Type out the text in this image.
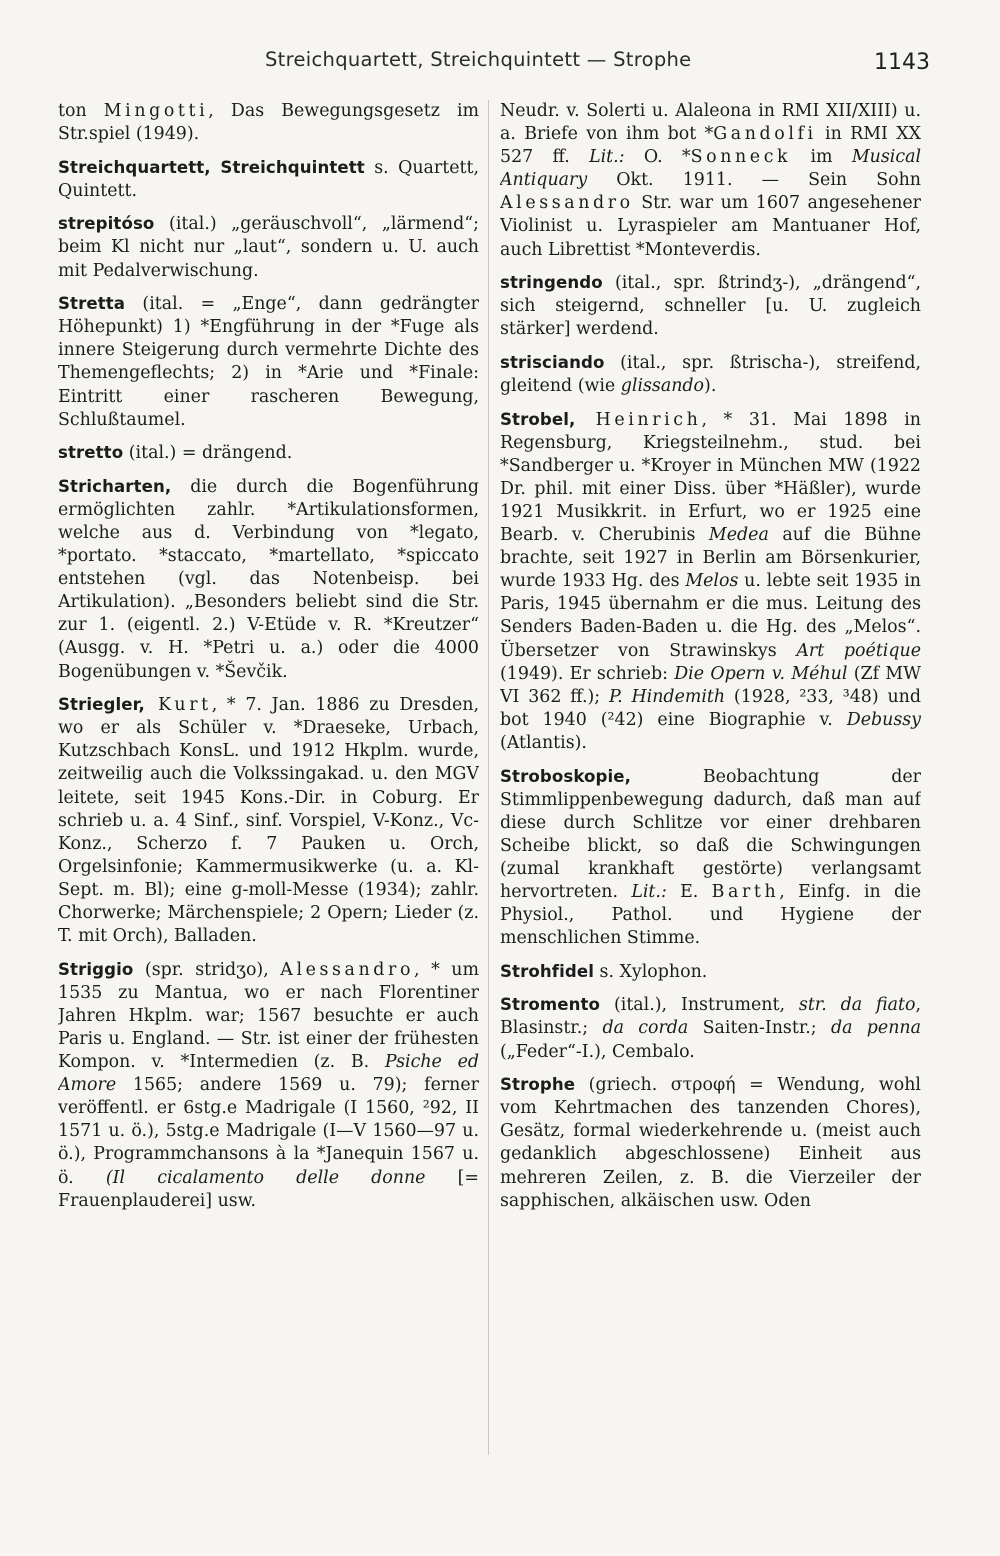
Streichquartett, Streichquintett — Strophe	1143

ton Mingotti, Das Bewegungsgesetz im Str.spiel (1949).

Streichquartett, Streichquintett s. Quartett, Quintett.

strepitóso (ital.) „geräuschvoll“, „lärmend“; beim Kl nicht nur „laut“, sondern u. U. auch mit Pedalverwischung.

Stretta (ital. = „Enge“, dann gedrängter Höhepunkt) 1) *Engführung in der *Fuge als innere Steigerung durch vermehrte Dichte des Themengeflechts; 2) in *Arie und *Finale: Eintritt einer rascheren Bewegung, Schlußtaumel.

stretto (ital.) = drängend.

Stricharten, die durch die Bogenführung ermöglichten zahlr. *Artikulationsformen, welche aus d. Verbindung von *legato, *portato. *staccato, *martellato, *spiccato entstehen (vgl. das Notenbeisp. bei Artikulation). „Besonders beliebt sind die Str. zur 1. (eigentl. 2.) V-Etüde v. R. *Kreutzer“ (Ausgg. v. H. *Petri u. a.) oder die 4000 Bogenübungen v. *Ševčik.

Striegler, Kurt, * 7. Jan. 1886 zu Dresden, wo er als Schüler v. *Draeseke, Urbach, Kutzschbach KonsL. und 1912 Hkplm. wurde, zeitweilig auch die Volkssingakad. u. den MGV leitete, seit 1945 Kons.-Dir. in Coburg. Er schrieb u. a. 4 Sinf., sinf. Vorspiel, V-Konz., Vc-Konz., Scherzo f. 7 Pauken u. Orch, Orgelsinfonie; Kammermusikwerke (u. a. Kl-Sept. m. Bl); eine g-moll-Messe (1934); zahlr. Chorwerke; Märchenspiele; 2 Opern; Lieder (z. T. mit Orch), Balladen.

Striggio (spr. stridʒo), Alessandro, * um 1535 zu Mantua, wo er nach Florentiner Jahren Hkplm. war; 1567 besuchte er auch Paris u. England. — Str. ist einer der frühesten Kompon. v. *Intermedien (z. B. Psiche ed Amore 1565; andere 1569 u. 79); ferner veröffentl. er 6stg.e Madrigale (I 1560, ²92, II 1571 u. ö.), 5stg.e Madrigale (I—V 1560—97 u. ö.), Programmchansons à la *Janequin 1567 u. ö. (Il cicalamento delle donne [= Frauenplauderei] usw.

Neudr. v. Solerti u. Alaleona in RMI XII/XIII) u. a. Briefe von ihm bot *Gandolfi in RMI XX 527 ff. Lit.: O. *Sonneck im Musical Antiquary Okt. 1911. — Sein Sohn Alessandro Str. war um 1607 angesehener Violinist u. Lyraspieler am Mantuaner Hof, auch Librettist *Monteverdis.

stringendo (ital., spr. ßtrindʒ-), „drängend“, sich steigernd, schneller [u. U. zugleich stärker] werdend.

strisciando (ital., spr. ßtrischa-), streifend, gleitend (wie glissando).

Strobel, Heinrich, * 31. Mai 1898 in Regensburg, Kriegsteilnehm., stud. bei *Sandberger u. *Kroyer in München MW (1922 Dr. phil. mit einer Diss. über *Häßler), wurde 1921 Musikkrit. in Erfurt, wo er 1925 eine Bearb. v. Cherubinis Medea auf die Bühne brachte, seit 1927 in Berlin am Börsenkurier, wurde 1933 Hg. des Melos u. lebte seit 1935 in Paris, 1945 übernahm er die mus. Leitung des Senders Baden-Baden u. die Hg. des „Melos“. Übersetzer von Strawinskys Art poétique (1949). Er schrieb: Die Opern v. Méhul (Zf MW VI 362 ff.); P. Hindemith (1928, ²33, ³48) und bot 1940 (²42) eine Biographie v. Debussy (Atlantis).

Stroboskopie, Beobachtung der Stimmlippenbewegung dadurch, daß man auf diese durch Schlitze vor einer drehbaren Scheibe blickt, so daß die Schwingungen (zumal krankhaft gestörte) verlangsamt hervortreten. Lit.: E. Barth, Einfg. in die Physiol., Pathol. und Hygiene der menschlichen Stimme.

Strohfidel s. Xylophon.

Stromento (ital.), Instrument, str. da fiato, Blasinstr.; da corda Saiten-Instr.; da penna („Feder“-I.), Cembalo.

Strophe (griech. στροφή = Wendung, wohl vom Kehrtmachen des tanzenden Chores), Gesätz, formal wiederkehrende u. (meist auch gedanklich abgeschlossene) Einheit aus mehreren Zeilen, z. B. die Vierzeiler der sapphischen, alkäischen usw. Oden
